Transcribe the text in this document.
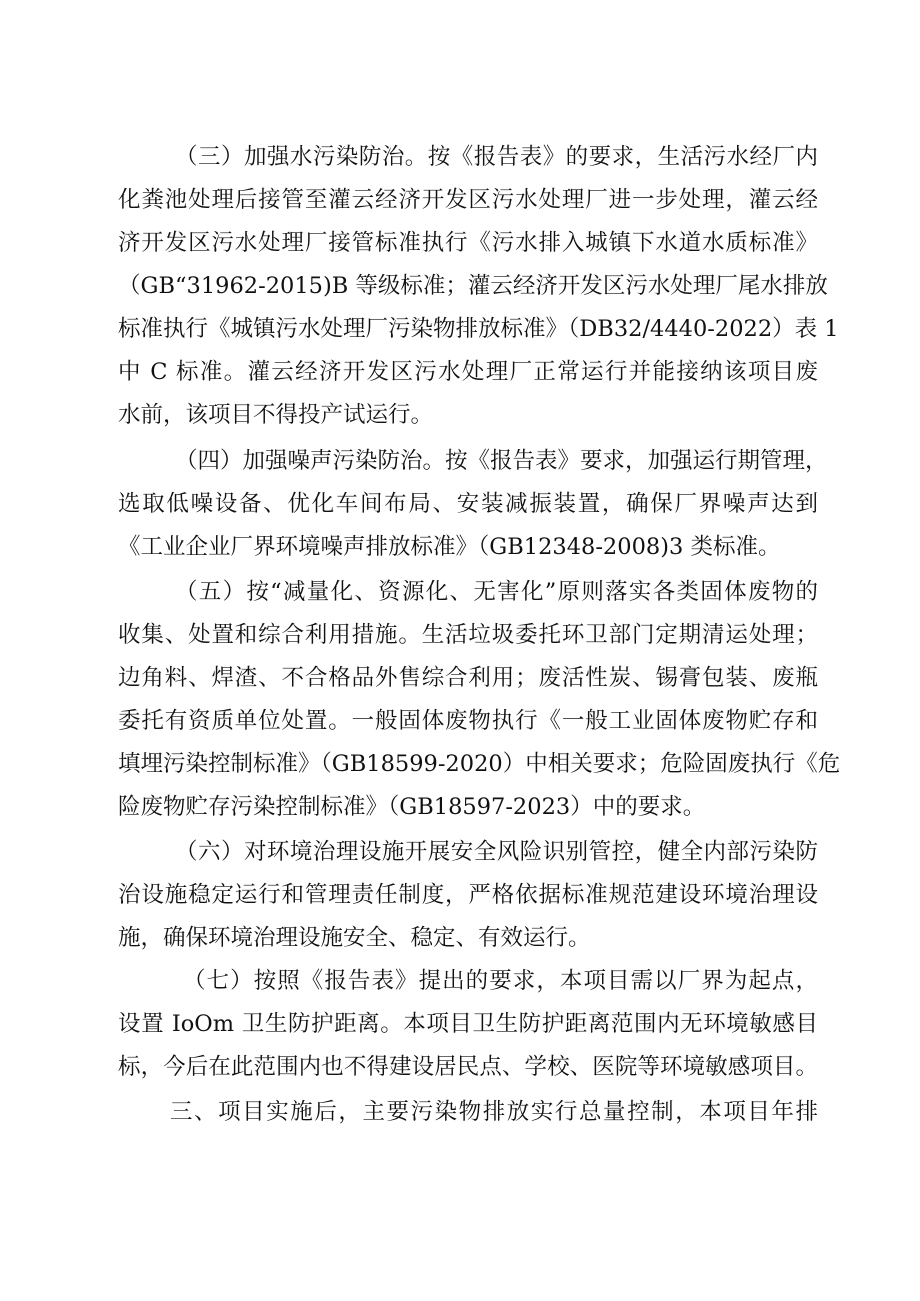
（三）加强水污染防治。按《报告表》的要求，生活污水经厂内
化粪池处理后接管至灌云经济开发区污水处理厂进一步处理，灌云经
济开发区污水处理厂接管标准执行《污水排入城镇下水道水质标准》
（GB“31962-2015)B 等级标准；灌云经济开发区污水处理厂尾水排放
标准执行《城镇污水处理厂污染物排放标准》（DB32/4440-2022）表 1
中 C 标准。灌云经济开发区污水处理厂正常运行并能接纳该项目废
水前，该项目不得投产试运行。
（四）加强噪声污染防治。按《报告表》要求，加强运行期管理，
选取低噪设备、优化车间布局、安装减振装置，确保厂界噪声达到
《工业企业厂界环境噪声排放标准》（GB12348-2008)3 类标准。
（五）按“减量化、资源化、无害化”原则落实各类固体废物的
收集、处置和综合利用措施。生活垃圾委托环卫部门定期清运处理；
边角料、焊渣、不合格品外售综合利用；废活性炭、锡膏包装、废瓶
委托有资质单位处置。一般固体废物执行《一般工业固体废物贮存和
填埋污染控制标准》（GB18599-2020）中相关要求；危险固废执行《危
险废物贮存污染控制标准》（GB18597-2023）中的要求。
（六）对环境治理设施开展安全风险识别管控，健全内部污染防
治设施稳定运行和管理责任制度，严格依据标准规范建设环境治理设
施，确保环境治理设施安全、稳定、有效运行。
（七）按照《报告表》提出的要求，本项目需以厂界为起点，
设置 IoOm 卫生防护距离。本项目卫生防护距离范围内无环境敏感目
标，今后在此范围内也不得建设居民点、学校、医院等环境敏感项目。
三、项目实施后，主要污染物排放实行总量控制，本项目年排
